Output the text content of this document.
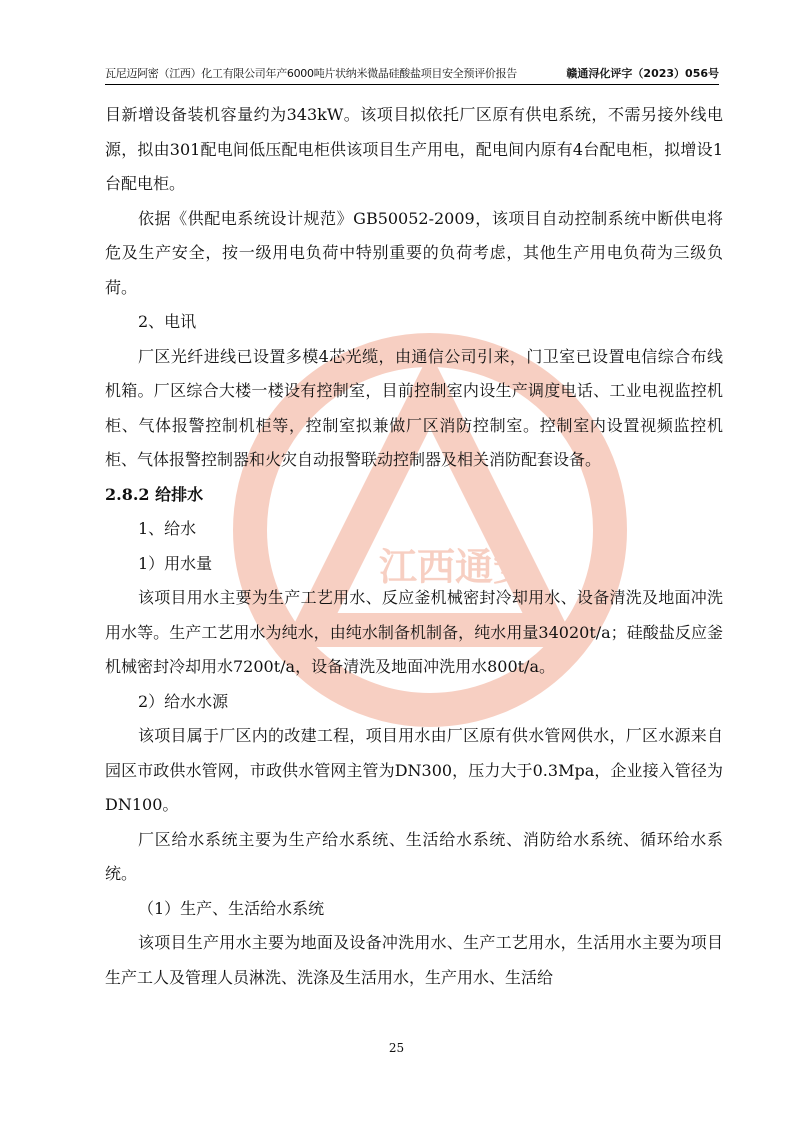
瓦尼迈阿密（江西）化工有限公司年产6000吨片状纳米微晶硅酸盐项目安全预评价报告	赣通浔化评字（2023）056号
江西通安

目新增设备装机容量约为343kW。该项目拟依托厂区原有供电系统，不需另接外线电源，拟由301配电间低压配电柜供该项目生产用电，配电间内原有4台配电柜，拟增设1台配电柜。

依据《供配电系统设计规范》GB50052-2009，该项目自动控制系统中断供电将危及生产安全，按一级用电负荷中特别重要的负荷考虑，其他生产用电负荷为三级负荷。

2、电讯

厂区光纤进线已设置多模4芯光缆，由通信公司引来，门卫室已设置电信综合布线机箱。厂区综合大楼一楼设有控制室，目前控制室内设生产调度电话、工业电视监控机柜、气体报警控制机柜等，控制室拟兼做厂区消防控制室。控制室内设置视频监控机柜、气体报警控制器和火灾自动报警联动控制器及相关消防配套设备。

2.8.2 给排水

1、给水

1）用水量

该项目用水主要为生产工艺用水、反应釜机械密封冷却用水、设备清洗及地面冲洗用水等。生产工艺用水为纯水，由纯水制备机制备，纯水用量34020t/a；硅酸盐反应釜机械密封冷却用水7200t/a，设备清洗及地面冲洗用水800t/a。

2）给水水源

该项目属于厂区内的改建工程，项目用水由厂区原有供水管网供水，厂区水源来自园区市政供水管网，市政供水管网主管为DN300，压力大于0.3Mpa，企业接入管径为DN100。

厂区给水系统主要为生产给水系统、生活给水系统、消防给水系统、循环给水系统。

（1）生产、生活给水系统

该项目生产用水主要为地面及设备冲洗用水、生产工艺用水，生活用水主要为项目生产工人及管理人员淋洗、洗涤及生活用水，生产用水、生活给

25
